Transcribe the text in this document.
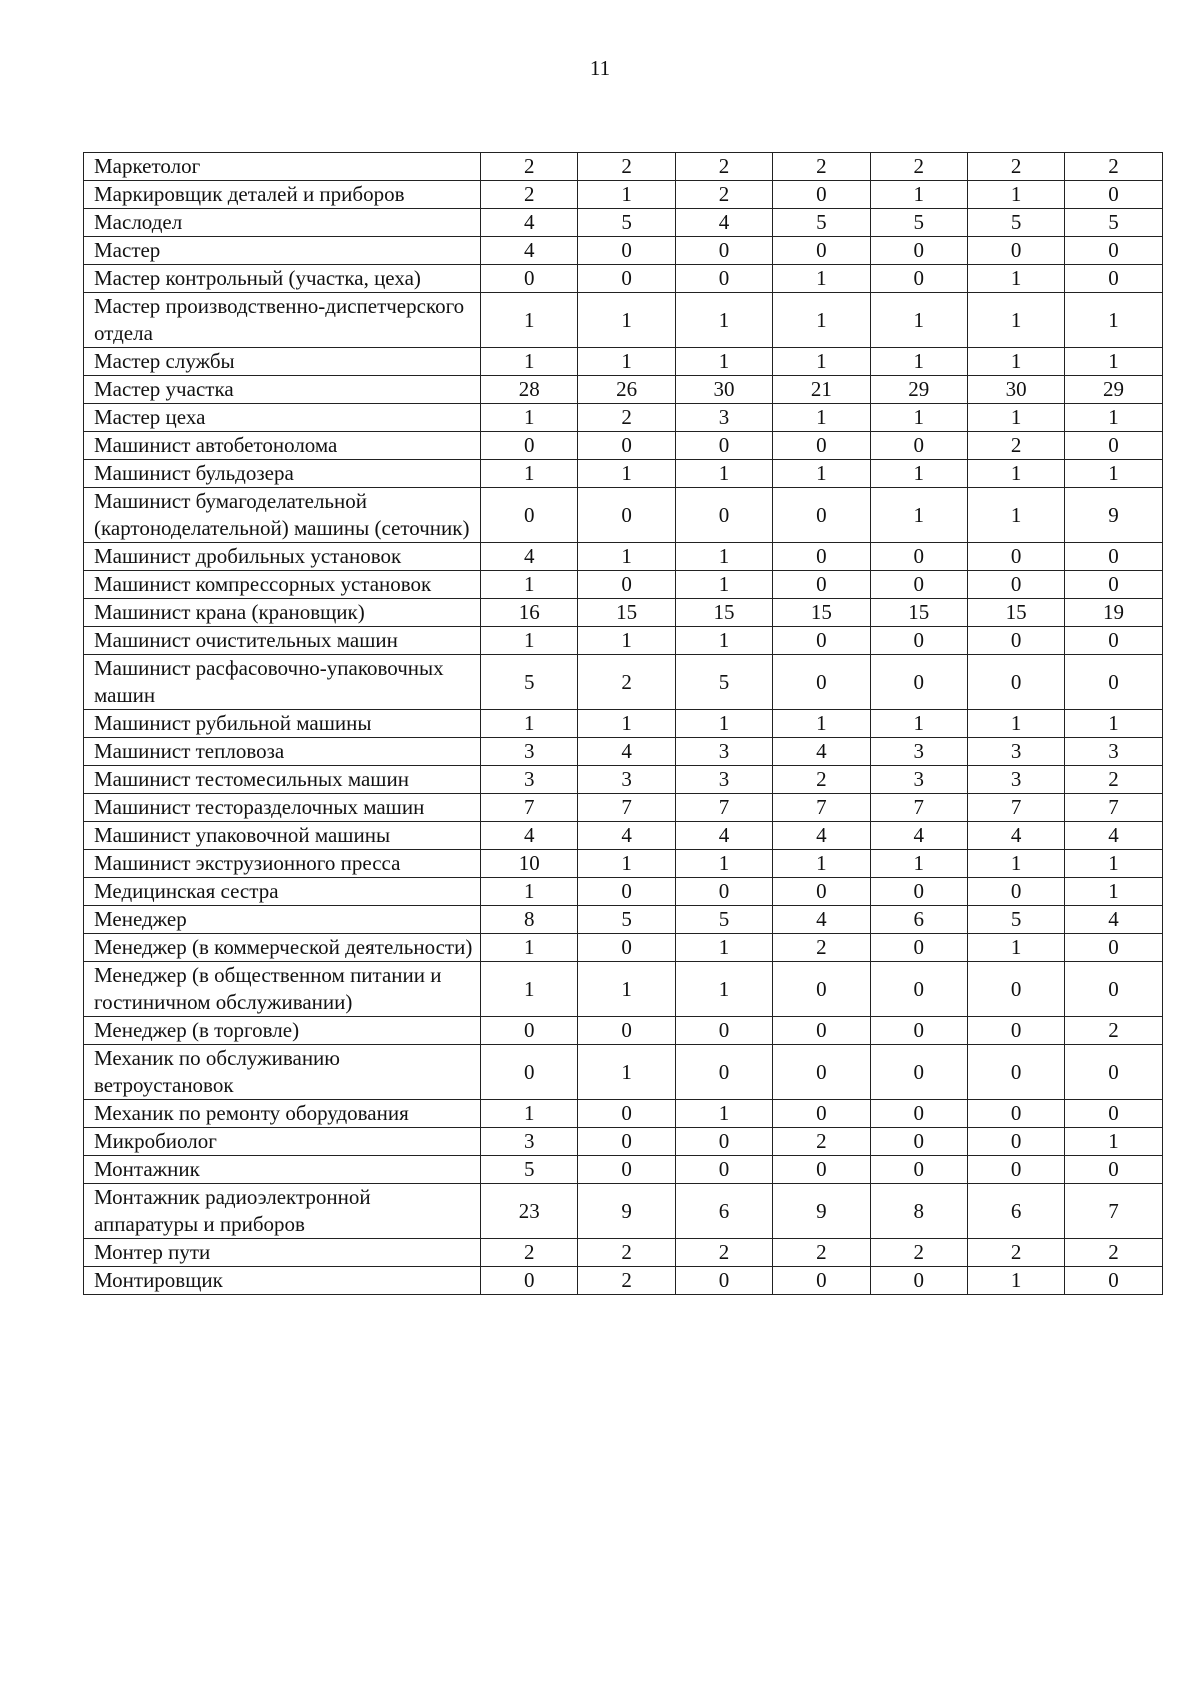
11
Маркетолог	2	2	2	2	2	2	2
Маркировщик деталей и приборов	2	1	2	0	1	1	0
Маслодел	4	5	4	5	5	5	5
Мастер	4	0	0	0	0	0	0
Мастер контрольный (участка, цеха)	0	0	0	1	0	1	0
Мастер производственно-диспетчерского отдела	1	1	1	1	1	1	1
Мастер службы	1	1	1	1	1	1	1
Мастер участка	28	26	30	21	29	30	29
Мастер цеха	1	2	3	1	1	1	1
Машинист автобетонолома	0	0	0	0	0	2	0
Машинист бульдозера	1	1	1	1	1	1	1
Машинист бумагоделательной (картоноделательной) машины (сеточник)	0	0	0	0	1	1	9
Машинист дробильных установок	4	1	1	0	0	0	0
Машинист компрессорных установок	1	0	1	0	0	0	0
Машинист крана (крановщик)	16	15	15	15	15	15	19
Машинист очистительных машин	1	1	1	0	0	0	0
Машинист расфасовочно-упаковочных машин	5	2	5	0	0	0	0
Машинист рубильной машины	1	1	1	1	1	1	1
Машинист тепловоза	3	4	3	4	3	3	3
Машинист тестомесильных машин	3	3	3	2	3	3	2
Машинист тестоpазделочных машин	7	7	7	7	7	7	7
Машинист упаковочной машины	4	4	4	4	4	4	4
Машинист экструзионного пресса	10	1	1	1	1	1	1
Медицинская сестра	1	0	0	0	0	0	1
Менеджер	8	5	5	4	6	5	4
Менеджер (в коммерческой деятельности)	1	0	1	2	0	1	0
Менеджер (в общественном питании и гостиничном обслуживании)	1	1	1	0	0	0	0
Менеджер (в торговле)	0	0	0	0	0	0	2
Механик по обслуживанию ветроустановок	0	1	0	0	0	0	0
Механик по ремонту оборудования	1	0	1	0	0	0	0
Микробиолог	3	0	0	2	0	0	1
Монтажник	5	0	0	0	0	0	0
Монтажник радиоэлектронной аппаратуры и приборов	23	9	6	9	8	6	7
Монтер пути	2	2	2	2	2	2	2
Монтировщик	0	2	0	0	0	1	0
